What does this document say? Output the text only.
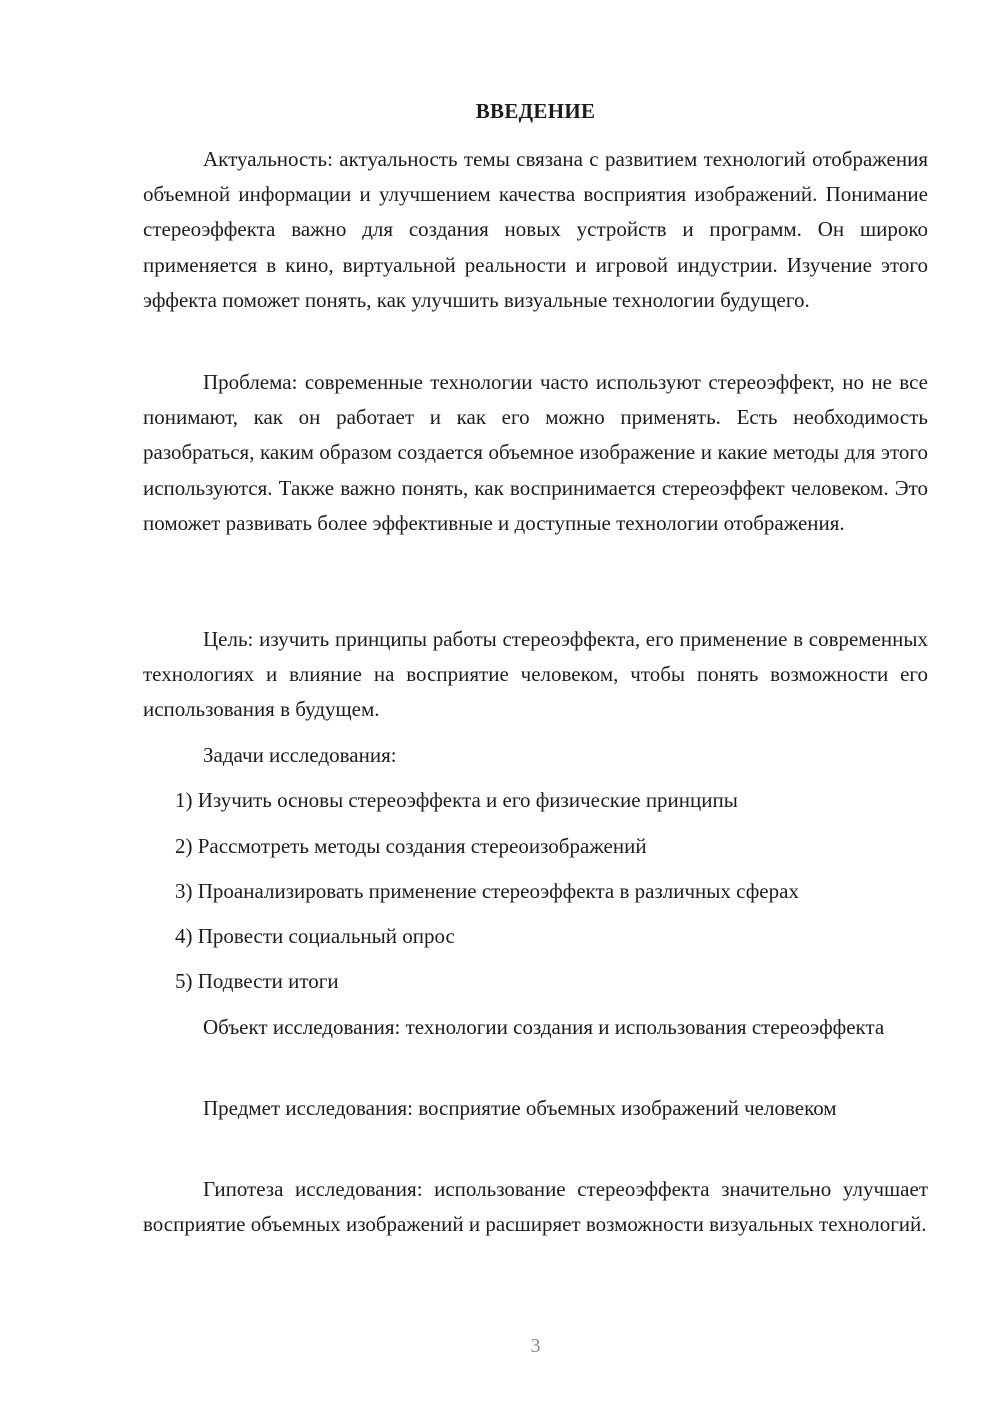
ВВЕДЕНИЕ

Актуальность: актуальность темы связана с развитием технологий отображения объемной информации и улучшением качества восприятия изображений. Понимание стереоэффекта важно для создания новых устройств и программ. Он широко применяется в кино, виртуальной реальности и игровой индустрии. Изучение этого эффекта поможет понять, как улучшить визуальные технологии будущего.

Проблема: современные технологии часто используют стереоэффект, но не все понимают, как он работает и как его можно применять. Есть необходимость разобраться, каким образом создается объемное изображение и какие методы для этого используются. Также важно понять, как воспринимается стереоэффект человеком. Это поможет развивать более эффективные и доступные технологии отображения.

Цель: изучить принципы работы стереоэффекта, его применение в современных технологиях и влияние на восприятие человеком, чтобы понять возможности его использования в будущем.

Задачи исследования:

1) Изучить основы стереоэффекта и его физические принципы

2) Рассмотреть методы создания стереоизображений

3) Проанализировать применение стереоэффекта в различных сферах

4) Провести социальный опрос

5) Подвести итоги

Объект исследования: технологии создания и использования стереоэффекта

Предмет исследования: восприятие объемных изображений человеком

Гипотеза исследования: использование стереоэффекта значительно улучшает восприятие объемных изображений и расширяет возможности визуальных технологий.

3
